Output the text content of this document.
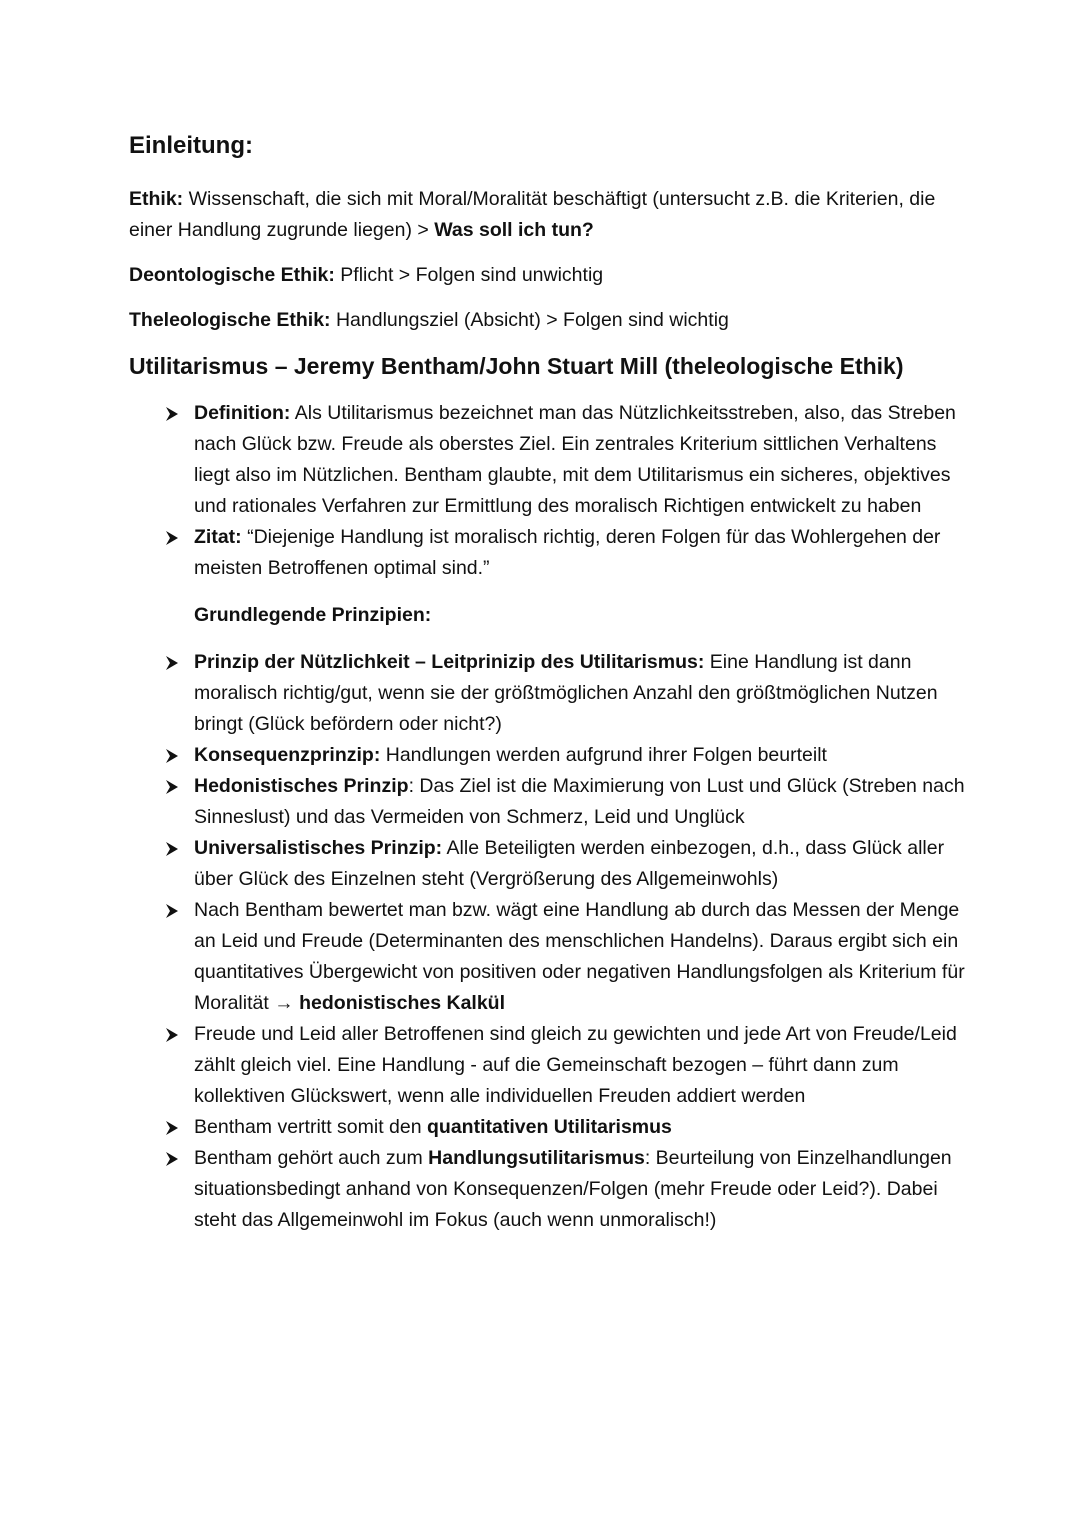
Einleitung:

Ethik: Wissenschaft, die sich mit Moral/Moralität beschäftigt (untersucht z.B. die Kriterien, die einer Handlung zugrunde liegen) > Was soll ich tun?

Deontologische Ethik: Pflicht > Folgen sind unwichtig

Theleologische Ethik: Handlungsziel (Absicht) > Folgen sind wichtig

Utilitarismus – Jeremy Bentham/John Stuart Mill (theleologische Ethik)
Definition: Als Utilitarismus bezeichnet man das Nützlichkeitsstreben, also, das Streben nach Glück bzw. Freude als oberstes Ziel. Ein zentrales Kriterium sittlichen Verhaltens liegt also im Nützlichen. Bentham glaubte, mit dem Utilitarismus ein sicheres, objektives und rationales Verfahren zur Ermittlung des moralisch Richtigen entwickelt zu haben
Zitat: “Diejenige Handlung ist moralisch richtig, deren Folgen für das Wohlergehen der meisten Betroffenen optimal sind.”
Grundlegende Prinzipien:
Prinzip der Nützlichkeit – Leitprinizip des Utilitarismus: Eine Handlung ist dann moralisch richtig/gut, wenn sie der größtmöglichen Anzahl den größtmöglichen Nutzen bringt (Glück befördern oder nicht?)
Konsequenzprinzip: Handlungen werden aufgrund ihrer Folgen beurteilt
Hedonistisches Prinzip: Das Ziel ist die Maximierung von Lust und Glück (Streben nach Sinneslust) und das Vermeiden von Schmerz, Leid und Unglück
Universalistisches Prinzip: Alle Beteiligten werden einbezogen, d.h., dass Glück aller über Glück des Einzelnen steht (Vergrößerung des Allgemeinwohls)
Nach Bentham bewertet man bzw. wägt eine Handlung ab durch das Messen der Menge an Leid und Freude (Determinanten des menschlichen Handelns). Daraus ergibt sich ein quantitatives Übergewicht von positiven oder negativen Handlungsfolgen als Kriterium für Moralität → hedonistisches Kalkül
Freude und Leid aller Betroffenen sind gleich zu gewichten und jede Art von Freude/Leid zählt gleich viel. Eine Handlung - auf die Gemeinschaft bezogen – führt dann zum kollektiven Glückswert, wenn alle individuellen Freuden addiert werden
Bentham vertritt somit den quantitativen Utilitarismus
Bentham gehört auch zum Handlungsutilitarismus: Beurteilung von Einzelhandlungen situationsbedingt anhand von Konsequenzen/Folgen (mehr Freude oder Leid?). Dabei steht das Allgemeinwohl im Fokus (auch wenn unmoralisch!)
